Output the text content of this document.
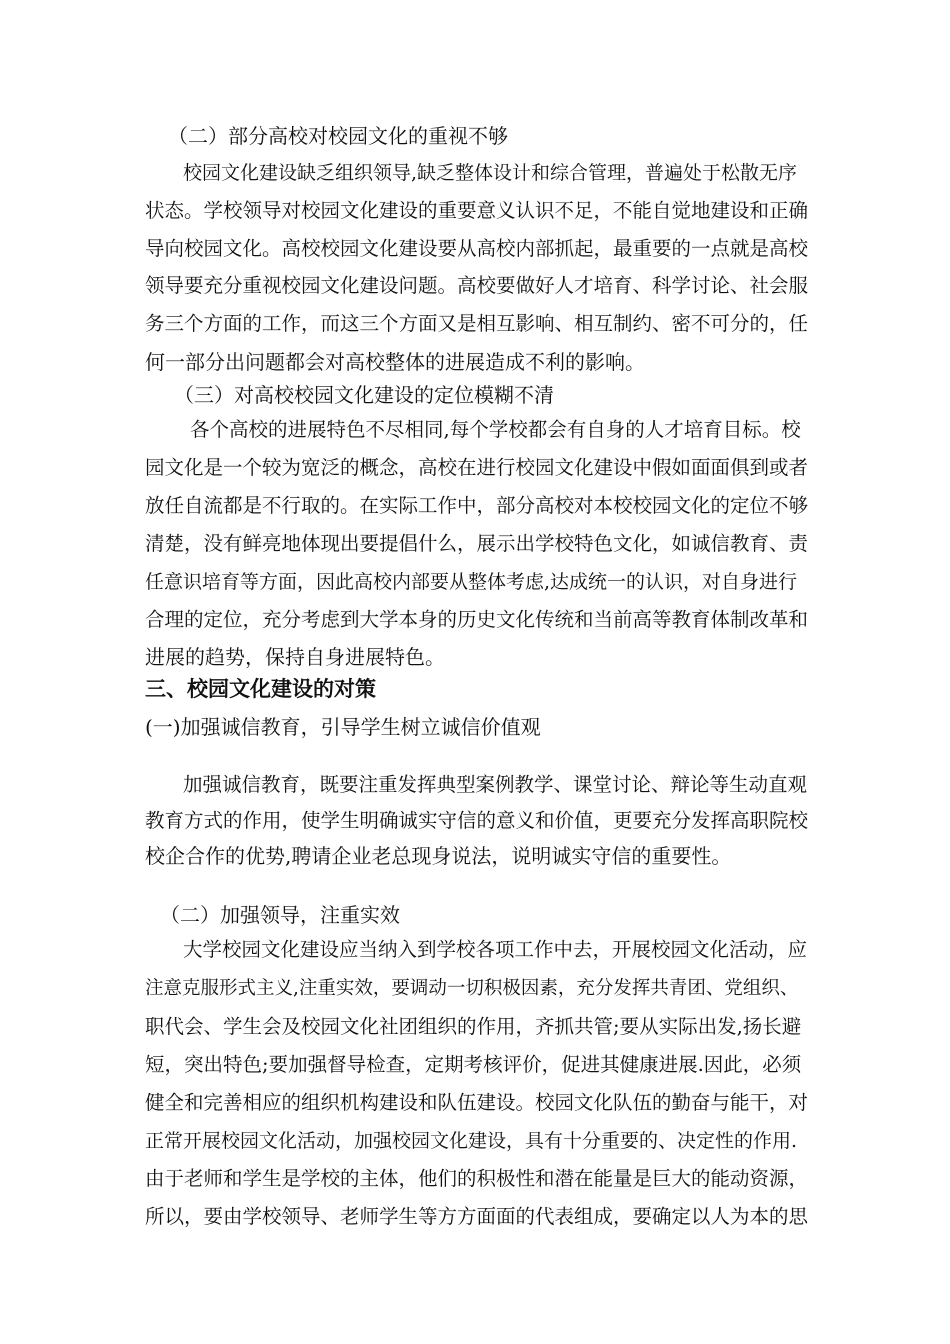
（二）部分高校对校园文化的重视不够
校园文化建设缺乏组织领导,缺乏整体设计和综合管理，普遍处于松散无序
状态。学校领导对校园文化建设的重要意义认识不足，不能自觉地建设和正确
导向校园文化。高校校园文化建设要从高校内部抓起，最重要的一点就是高校
领导要充分重视校园文化建设问题。高校要做好人才培育、科学讨论、社会服
务三个方面的工作，而这三个方面又是相互影响、相互制约、密不可分的，任
何一部分出问题都会对高校整体的进展造成不利的影响。
（三）对高校校园文化建设的定位模糊不清
各个高校的进展特色不尽相同,每个学校都会有自身的人才培育目标。校
园文化是一个较为宽泛的概念，高校在进行校园文化建设中假如面面俱到或者
放任自流都是不行取的。在实际工作中，部分高校对本校校园文化的定位不够
清楚，没有鲜亮地体现出要提倡什么，展示出学校特色文化，如诚信教育、责
任意识培育等方面，因此高校内部要从整体考虑,达成统一的认识，对自身进行
合理的定位，充分考虑到大学本身的历史文化传统和当前高等教育体制改革和
进展的趋势，保持自身进展特色。
三、校园文化建设的对策
(一)加强诚信教育，引导学生树立诚信价值观
加强诚信教育，既要注重发挥典型案例教学、课堂讨论、辩论等生动直观
教育方式的作用，使学生明确诚实守信的意义和价值，更要充分发挥高职院校
校企合作的优势,聘请企业老总现身说法，说明诚实守信的重要性。
（二）加强领导，注重实效
大学校园文化建设应当纳入到学校各项工作中去，开展校园文化活动，应
注意克服形式主义,注重实效，要调动一切积极因素，充分发挥共青团、党组织、
职代会、学生会及校园文化社团组织的作用，齐抓共管;要从实际出发,扬长避
短，突出特色;要加强督导检查，定期考核评价，促进其健康进展.因此，必须
健全和完善相应的组织机构建设和队伍建设。校园文化队伍的勤奋与能干，对
正常开展校园文化活动，加强校园文化建设，具有十分重要的、决定性的作用.
由于老师和学生是学校的主体，他们的积极性和潜在能量是巨大的能动资源，
所以，要由学校领导、老师学生等方方面面的代表组成，要确定以人为本的思
